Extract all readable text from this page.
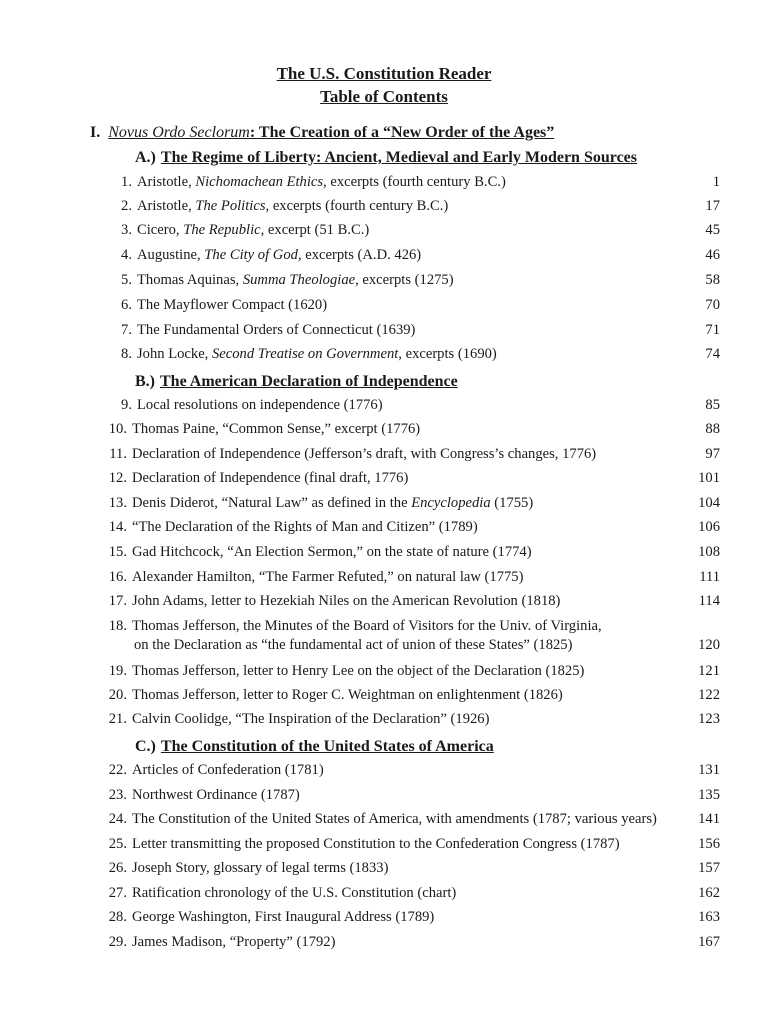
The U.S. Constitution Reader
Table of Contents
I. Novus Ordo Seclorum: The Creation of a “New Order of the Ages”
A.) The Regime of Liberty: Ancient, Medieval and Early Modern Sources
B.) The American Declaration of Independence
C.) The Constitution of the United States of America
1. Aristotle, Nichomachean Ethics, excerpts (fourth century B.C.)	1
2. Aristotle, The Politics, excerpts (fourth century B.C.)	17
3. Cicero, The Republic, excerpt (51 B.C.)	45
4. Augustine, The City of God, excerpts (A.D. 426)	46
5. Thomas Aquinas, Summa Theologiae, excerpts (1275)	58
6. The Mayflower Compact (1620)	70
7. The Fundamental Orders of Connecticut (1639)	71
8. John Locke, Second Treatise on Government, excerpts (1690)	74
9. Local resolutions on independence (1776)	85
10. Thomas Paine, “Common Sense,” excerpt (1776)	88
11. Declaration of Independence (Jefferson’s draft, with Congress’s changes, 1776)	97
12. Declaration of Independence (final draft, 1776)	101
13. Denis Diderot, “Natural Law” as defined in the Encyclopedia (1755)	104
14. “The Declaration of the Rights of Man and Citizen” (1789)	106
15. Gad Hitchcock, “An Election Sermon,” on the state of nature (1774)	108
16. Alexander Hamilton, “The Farmer Refuted,” on natural law (1775)	111
17. John Adams, letter to Hezekiah Niles on the American Revolution (1818)	114
18. Thomas Jefferson, the Minutes of the Board of Visitors for the Univ. of Virginia,
on the Declaration as “the fundamental act of union of these States” (1825)	120
19. Thomas Jefferson, letter to Henry Lee on the object of the Declaration (1825)	121
20. Thomas Jefferson, letter to Roger C. Weightman on enlightenment (1826)	122
21. Calvin Coolidge, “The Inspiration of the Declaration” (1926)	123
22. Articles of Confederation (1781)	131
23. Northwest Ordinance (1787)	135
24. The Constitution of the United States of America, with amendments (1787; various years)	141
25. Letter transmitting the proposed Constitution to the Confederation Congress (1787)	156
26. Joseph Story, glossary of legal terms (1833)	157
27. Ratification chronology of the U.S. Constitution (chart)	162
28. George Washington, First Inaugural Address (1789)	163
29. James Madison, “Property” (1792)	167
